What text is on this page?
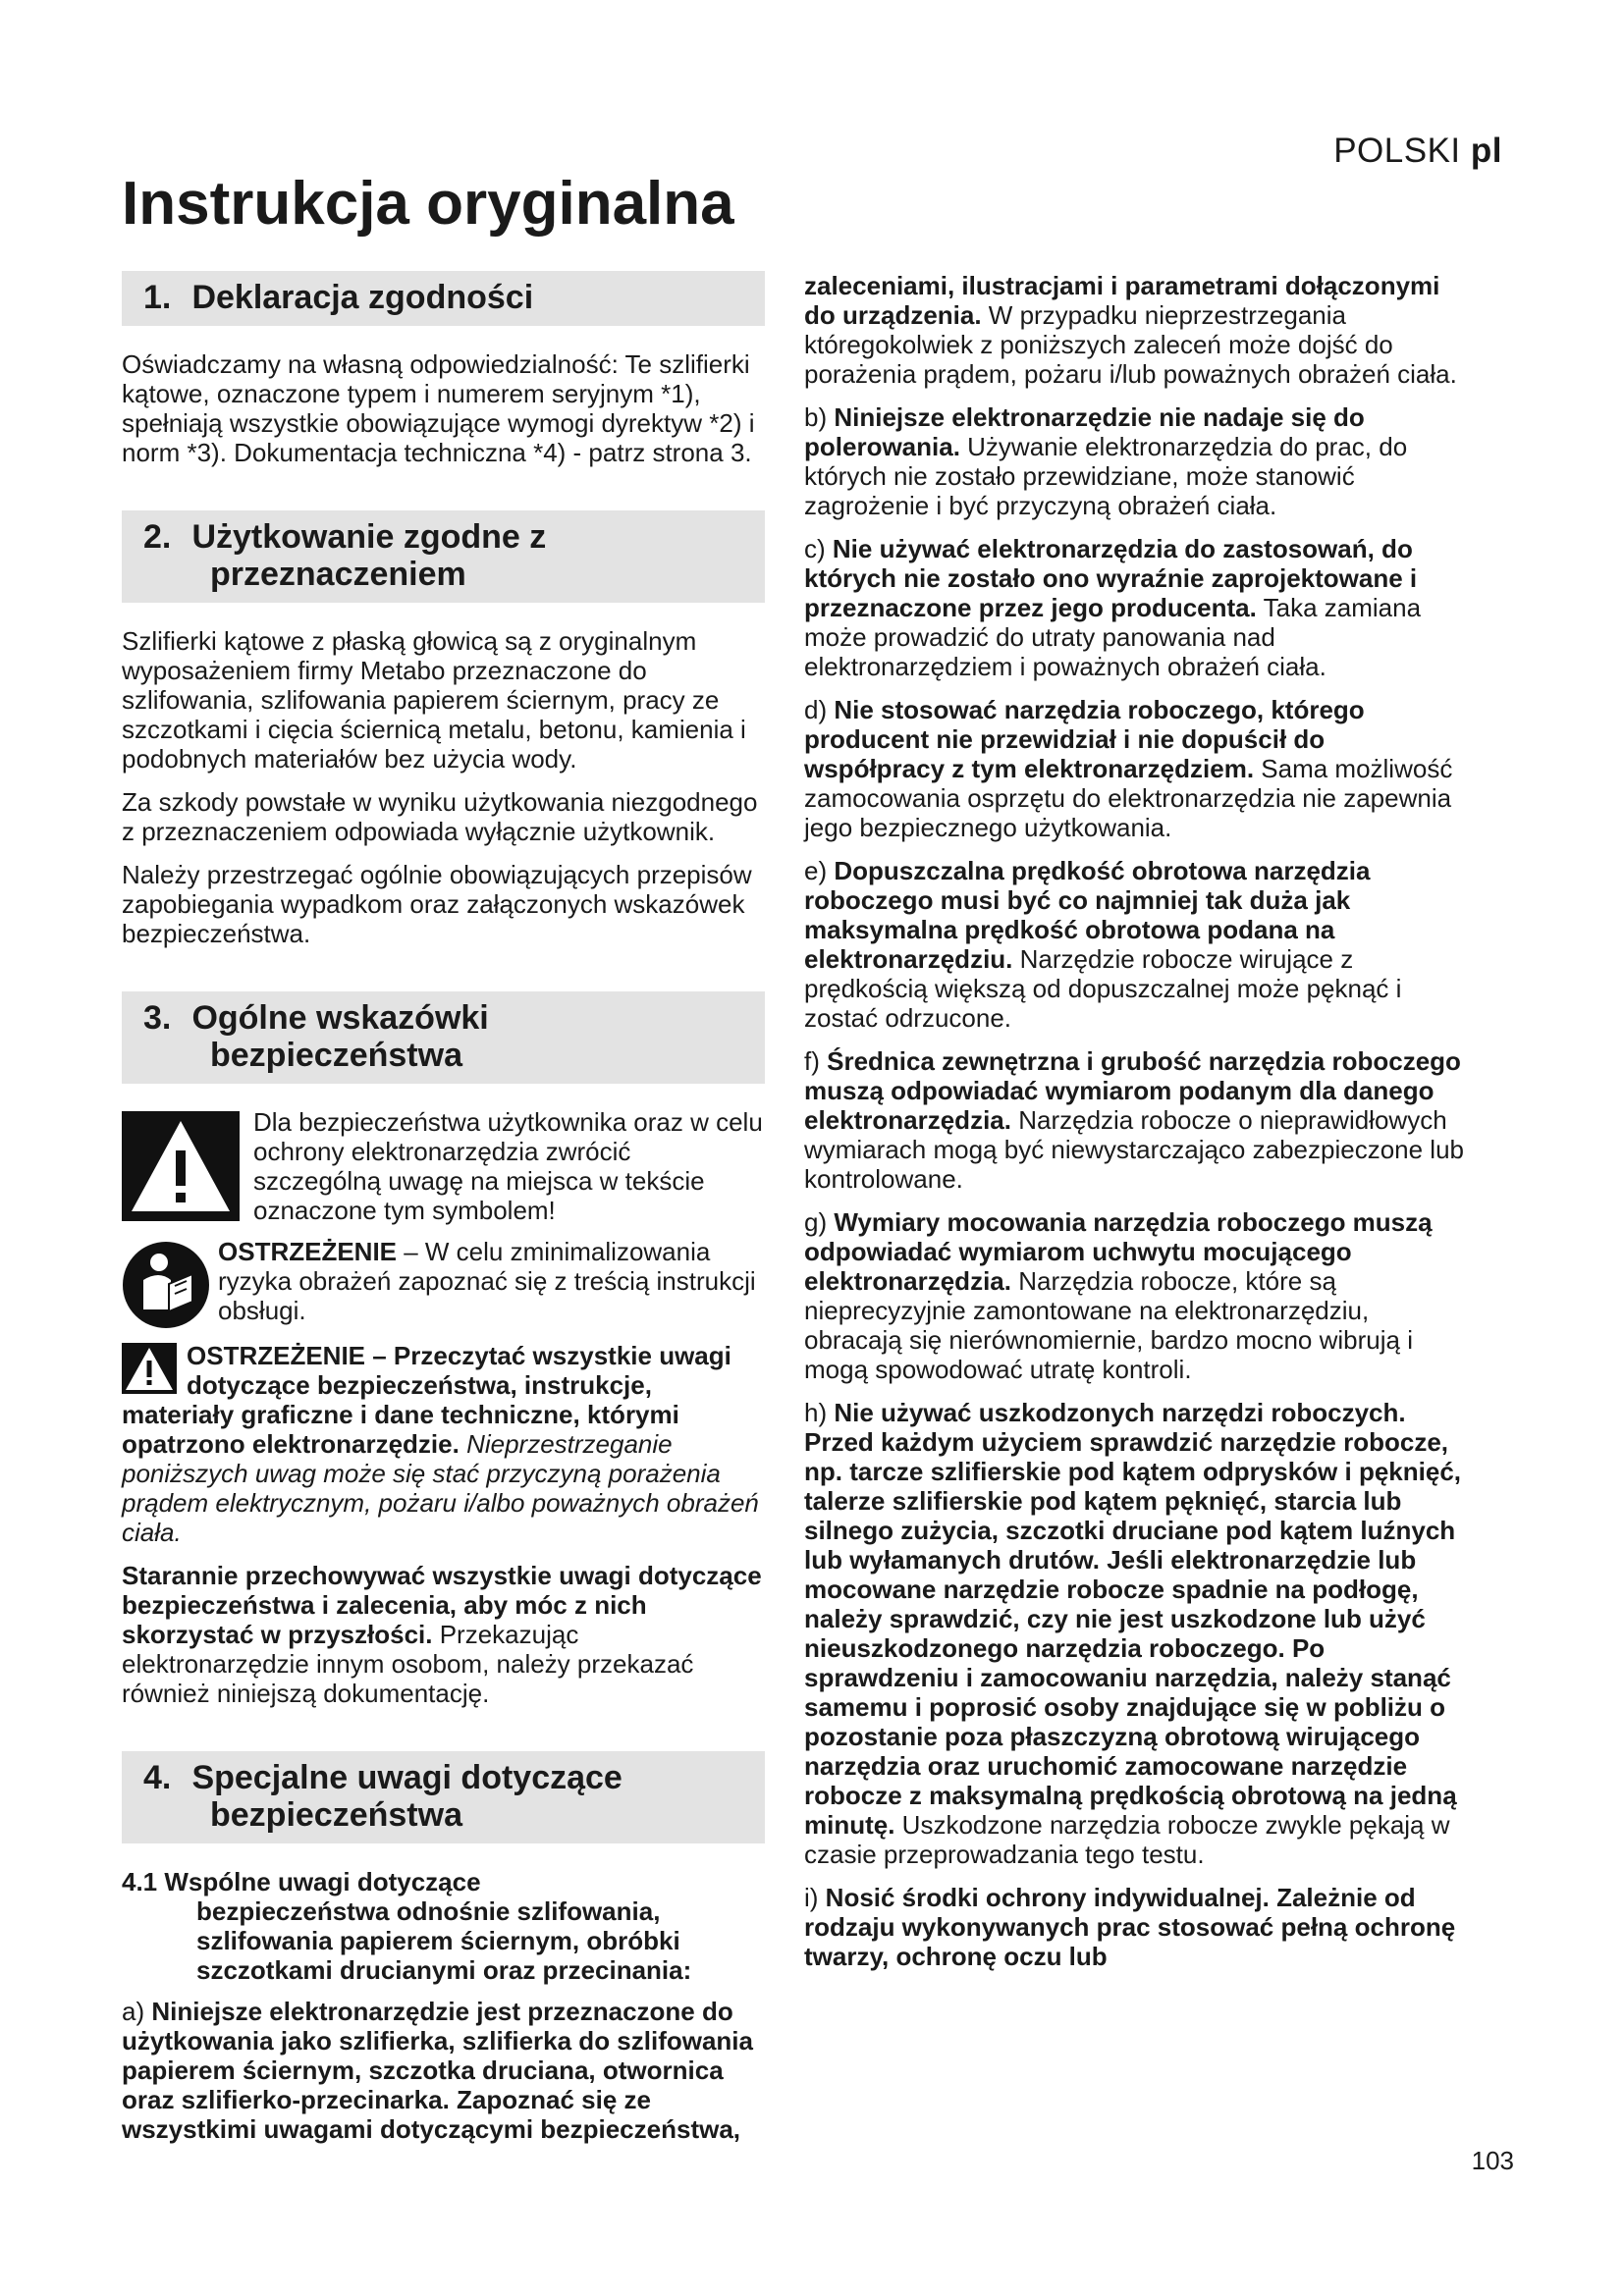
POLSKI pl
Instrukcja oryginalna
1. Deklaracja zgodności

Oświadczamy na własną odpowiedzialność: Te szlifierki kątowe, oznaczone typem i numerem seryjnym *1), spełniają wszystkie obowiązujące wymogi dyrektyw *2) i norm *3). Dokumentacja techniczna *4) - patrz strona 3.

2. Użytkowanie zgodne z
przeznaczeniem

Szlifierki kątowe z płaską głowicą są z oryginalnym wyposażeniem firmy Metabo przeznaczone do szlifowania, szlifowania papierem ściernym, pracy ze szczotkami i cięcia ściernicą metalu, betonu, kamienia i podobnych materiałów bez użycia wody.

Za szkody powstałe w wyniku użytkowania niezgodnego z przeznaczeniem odpowiada wyłącznie użytkownik.

Należy przestrzegać ogólnie obowiązujących przepisów zapobiegania wypadkom oraz załączonych wskazówek bezpieczeństwa.

3. Ogólne wskazówki
bezpieczeństwa
Dla bezpieczeństwa użytkownika oraz w celu ochrony elektronarzędzia zwrócić szczególną uwagę na miejsca w tekście oznaczone tym symbolem!
OSTRZEŻENIE – W celu zminimalizowania ryzyka obrażeń zapoznać się z treścią instrukcji obsługi.

OSTRZEŻENIE – Przeczytać wszystkie uwagi dotyczące bezpieczeństwa, instrukcje, materiały graficzne i dane techniczne, którymi opatrzono elektronarzędzie. Nieprzestrzeganie poniższych uwag może się stać przyczyną porażenia prądem elektrycznym, pożaru i/albo poważnych obrażeń ciała.

Starannie przechowywać wszystkie uwagi dotyczące bezpieczeństwa i zalecenia, aby móc z nich skorzystać w przyszłości. Przekazując elektronarzędzie innym osobom, należy przekazać również niniejszą dokumentację.

4. Specjalne uwagi dotyczące
bezpieczeństwa

4.1 Wspólne uwagi dotyczące
bezpieczeństwa odnośnie szlifowania, szlifowania papierem ściernym, obróbki szczotkami drucianymi oraz przecinania:

a) Niniejsze elektronarzędzie jest przeznaczone do użytkowania jako szlifierka, szlifierka do szlifowania papierem ściernym, szczotka druciana, otwornica oraz szlifierko-przecinarka. Zapoznać się ze wszystkimi uwagami dotyczącymi bezpieczeństwa,

zaleceniami, ilustracjami i parametrami dołączonymi do urządzenia. W przypadku nieprzestrzegania któregokolwiek z poniższych zaleceń może dojść do porażenia prądem, pożaru i/lub poważnych obrażeń ciała.

b) Niniejsze elektronarzędzie nie nadaje się do polerowania. Używanie elektronarzędzia do prac, do których nie zostało przewidziane, może stanowić zagrożenie i być przyczyną obrażeń ciała.

c) Nie używać elektronarzędzia do zastosowań, do których nie zostało ono wyraźnie zaprojektowane i przeznaczone przez jego producenta. Taka zamiana może prowadzić do utraty panowania nad elektronarzędziem i poważnych obrażeń ciała.

d) Nie stosować narzędzia roboczego, którego producent nie przewidział i nie dopuścił do współpracy z tym elektronarzędziem. Sama możliwość zamocowania osprzętu do elektronarzędzia nie zapewnia jego bezpiecznego użytkowania.

e) Dopuszczalna prędkość obrotowa narzędzia roboczego musi być co najmniej tak duża jak maksymalna prędkość obrotowa podana na elektronarzędziu. Narzędzie robocze wirujące z prędkością większą od dopuszczalnej może pęknąć i zostać odrzucone.

f) Średnica zewnętrzna i grubość narzędzia roboczego muszą odpowiadać wymiarom podanym dla danego elektronarzędzia. Narzędzia robocze o nieprawidłowych wymiarach mogą być niewystarczająco zabezpieczone lub kontrolowane.

g) Wymiary mocowania narzędzia roboczego muszą odpowiadać wymiarom uchwytu mocującego elektronarzędzia. Narzędzia robocze, które są nieprecyzyjnie zamontowane na elektronarzędziu, obracają się nierównomiernie, bardzo mocno wibrują i mogą spowodować utratę kontroli.

h) Nie używać uszkodzonych narzędzi roboczych. Przed każdym użyciem sprawdzić narzędzie robocze, np. tarcze szlifierskie pod kątem odprysków i pęknięć, talerze szlifierskie pod kątem pęknięć, starcia lub silnego zużycia, szczotki druciane pod kątem luźnych lub wyłamanych drutów. Jeśli elektronarzędzie lub mocowane narzędzie robocze spadnie na podłogę, należy sprawdzić, czy nie jest uszkodzone lub użyć nieuszkodzonego narzędzia roboczego. Po sprawdzeniu i zamocowaniu narzędzia, należy stanąć samemu i poprosić osoby znajdujące się w pobliżu o pozostanie poza płaszczyzną obrotową wirującego narzędzia oraz uruchomić zamocowane narzędzie robocze z maksymalną prędkością obrotową na jedną minutę. Uszkodzone narzędzia robocze zwykle pękają w czasie przeprowadzania tego testu.

i) Nosić środki ochrony indywidualnej. Zależnie od rodzaju wykonywanych prac stosować pełną ochronę twarzy, ochronę oczu lub

103
